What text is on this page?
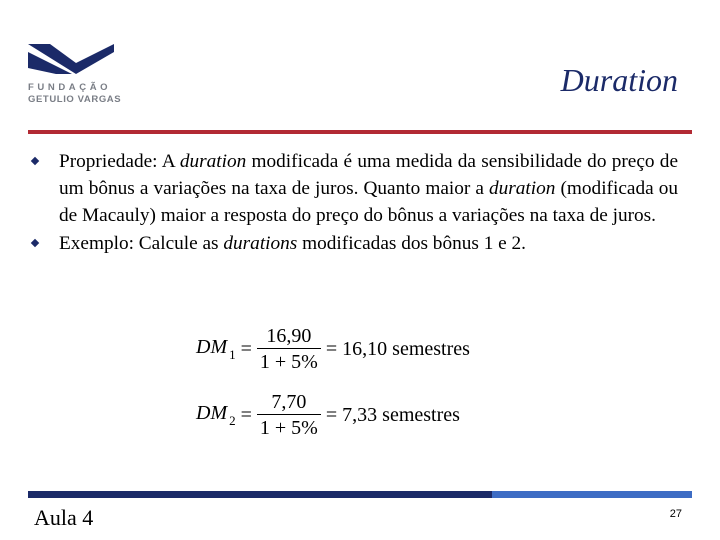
FUNDAÇÃO
GETULIO VARGAS
Duration
Propriedade: A duration modificada é uma medida da sensibilidade do preço de um bônus a variações na taxa de juros. Quanto maior a duration (modificada ou de Macauly) maior a resposta do preço do bônus a variações na taxa de juros.
Exemplo: Calcule as durations modificadas dos bônus 1 e 2.
DM $_1 = \frac{16,90}{1 + 5\%} = 16,10$ semestres
DM $_2 = \frac{7,70}{1 + 5\%} = 7,33$ semestres
Aula 4	27
